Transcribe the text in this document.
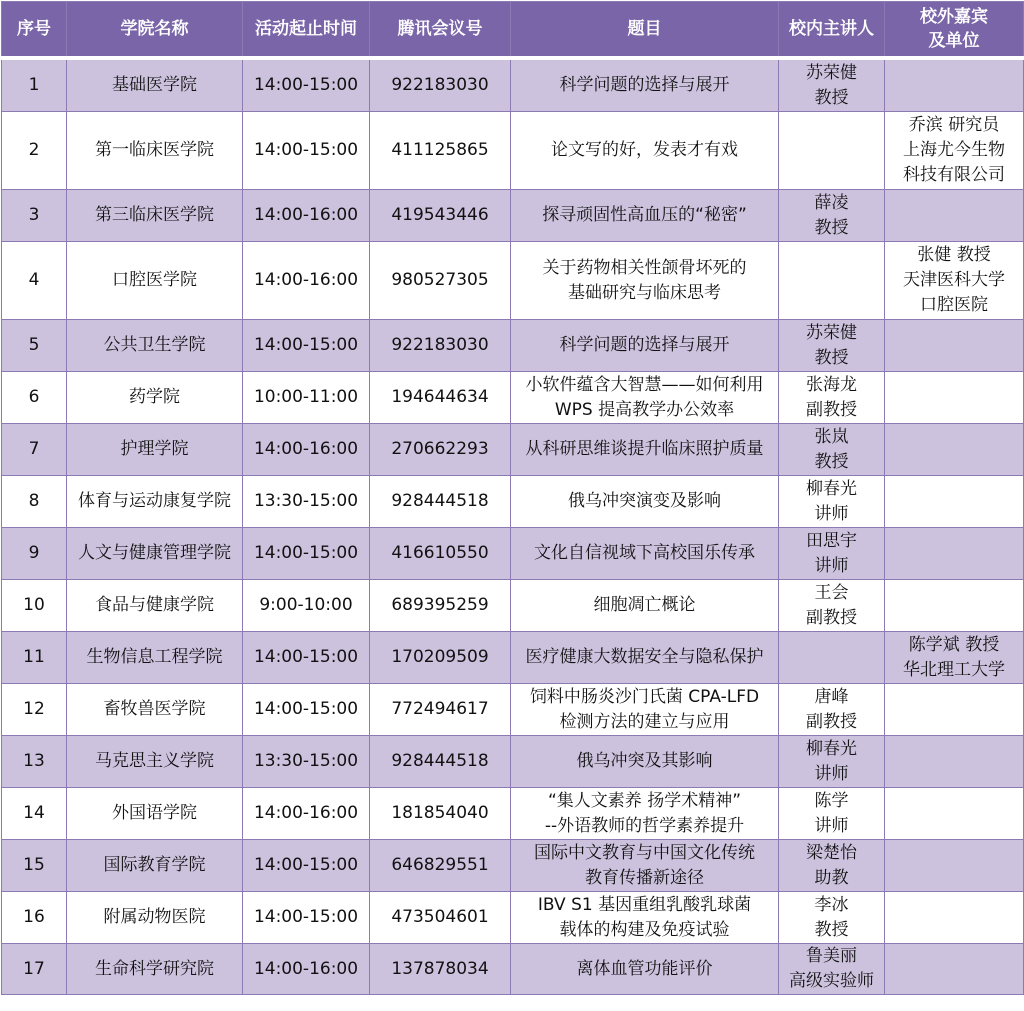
序号	学院名称	活动起止时间	腾讯会议号	题目	校内主讲人	校外嘉宾
及单位
1	基础医学院	14:00-15:00	922183030	科学问题的选择与展开	苏荣健
教授	
2	第一临床医学院	14:00-15:00	411125865	论文写的好，发表才有戏		乔滨 研究员
上海尤今生物
科技有限公司
3	第三临床医学院	14:00-16:00	419543446	探寻顽固性高血压的“秘密”	薛凌
教授	
4	口腔医学院	14:00-16:00	980527305	关于药物相关性颌骨坏死的
基础研究与临床思考		张健 教授
天津医科大学
口腔医院
5	公共卫生学院	14:00-15:00	922183030	科学问题的选择与展开	苏荣健
教授	
6	药学院	10:00-11:00	194644634	小软件蕴含大智慧——如何利用
WPS 提高教学办公效率	张海龙
副教授	
7	护理学院	14:00-16:00	270662293	从科研思维谈提升临床照护质量	张岚
教授	
8	体育与运动康复学院	13:30-15:00	928444518	俄乌冲突演变及影响	柳春光
讲师	
9	人文与健康管理学院	14:00-15:00	416610550	文化自信视域下高校国乐传承	田思宇
讲师	
10	食品与健康学院	9:00-10:00	689395259	细胞凋亡概论	王会
副教授	
11	生物信息工程学院	14:00-15:00	170209509	医疗健康大数据安全与隐私保护		陈学斌 教授
华北理工大学
12	畜牧兽医学院	14:00-15:00	772494617	饲料中肠炎沙门氏菌 CPA-LFD
检测方法的建立与应用	唐峰
副教授	
13	马克思主义学院	13:30-15:00	928444518	俄乌冲突及其影响	柳春光
讲师	
14	外国语学院	14:00-16:00	181854040	“集人文素养 扬学术精神”
--外语教师的哲学素养提升	陈学
讲师	
15	国际教育学院	14:00-15:00	646829551	国际中文教育与中国文化传统
教育传播新途径	梁楚怡
助教	
16	附属动物医院	14:00-15:00	473504601	IBV S1 基因重组乳酸乳球菌
载体的构建及免疫试验	李冰
教授	
17	生命科学研究院	14:00-16:00	137878034	离体血管功能评价	鲁美丽
高级实验师	
